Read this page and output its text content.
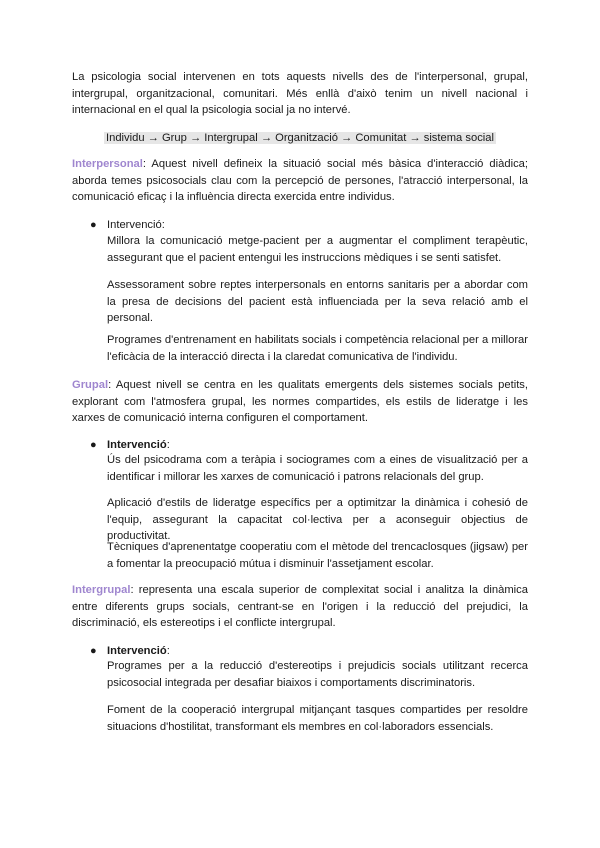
La psicologia social intervenen en tots aquests nivells des de l'interpersonal, grupal, intergrupal, organitzacional, comunitari. Més enllà d'això tenim un nivell nacional i internacional en el qual la psicologia social ja no intervé.

Individu → Grup → Intergrupal → Organització → Comunitat → sistema social

Interpersonal: Aquest nivell defineix la situació social més bàsica d'interacció diàdica; aborda temes psicosocials clau com la percepció de persones, l'atracció interpersonal, la comunicació eficaç i la influència directa exercida entre individus.

● Intervenció:

Millora la comunicació metge-pacient per a augmentar el compliment terapèutic, assegurant que el pacient entengui les instruccions mèdiques i se senti satisfet.

Assessorament sobre reptes interpersonals en entorns sanitaris per a abordar com la presa de decisions del pacient està influenciada per la seva relació amb el personal.

Programes d'entrenament en habilitats socials i competència relacional per a millorar l'eficàcia de la interacció directa i la claredat comunicativa de l'individu.

Grupal: Aquest nivell se centra en les qualitats emergents dels sistemes socials petits, explorant com l'atmosfera grupal, les normes compartides, els estils de lideratge i les xarxes de comunicació interna configuren el comportament.

● Intervenció:

Ús del psicodrama com a teràpia i sociogrames com a eines de visualització per a identificar i millorar les xarxes de comunicació i patrons relacionals del grup.

Aplicació d'estils de lideratge específics per a optimitzar la dinàmica i cohesió de l'equip, assegurant la capacitat col·lectiva per a aconseguir objectius de productivitat.

Tècniques d'aprenentatge cooperatiu com el mètode del trencaclosques (jigsaw) per a fomentar la preocupació mútua i disminuir l'assetjament escolar.

Intergrupal: representa una escala superior de complexitat social i analitza la dinàmica entre diferents grups socials, centrant-se en l'origen i la reducció del prejudici, la discriminació, els estereotips i el conflicte intergrupal.

● Intervenció:

Programes per a la reducció d'estereotips i prejudicis socials utilitzant recerca psicosocial integrada per desafiar biaixos i comportaments discriminatoris.

Foment de la cooperació intergrupal mitjançant tasques compartides per resoldre situacions d'hostilitat, transformant els membres en col·laboradors essencials.
